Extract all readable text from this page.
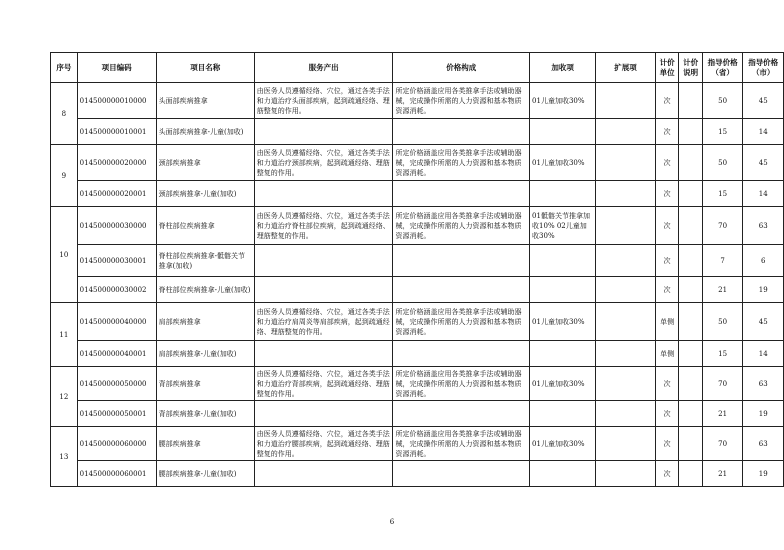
序号	项目编码	项目名称	服务产出	价格构成	加收项	扩展项	计价单位	计价说明	指导价格（省）	指导价格（市）
8	014500000010000	头面部疾病推拿	由医务人员遵循经络、穴位，通过各类手法和力道治疗头面部疾病，起到疏通经络、理筋整复的作用。	所定价格涵盖应用各类推拿手法或辅助器械，完成操作所需的人力资源和基本物质资源消耗。	01儿童加收30%		次		50	45
	014500000010001	头面部疾病推拿-儿童(加收)					次		15	14
9	014500000020000	颈部疾病推拿	由医务人员遵循经络、穴位，通过各类手法和力道治疗颈部疾病，起到疏通经络、理筋整复的作用。	所定价格涵盖应用各类推拿手法或辅助器械，完成操作所需的人力资源和基本物质资源消耗。	01儿童加收30%		次		50	45
	014500000020001	颈部疾病推拿-儿童(加收)					次		15	14
10	014500000030000	脊柱部位疾病推拿	由医务人员遵循经络、穴位，通过各类手法和力道治疗脊柱部位疾病，起到疏通经络、理筋整复的作用。	所定价格涵盖应用各类推拿手法或辅助器械，完成操作所需的人力资源和基本物质资源消耗。	01骶髂关节推拿加收10% 02儿童加收30%		次		70	63
	014500000030001	脊柱部位疾病推拿-骶髂关节推拿(加收)					次		7	6
	014500000030002	脊柱部位疾病推拿-儿童(加收)					次		21	19
11	014500000040000	肩部疾病推拿	由医务人员遵循经络、穴位，通过各类手法和力道治疗肩周炎等肩部疾病，起到疏通经络、理筋整复的作用。	所定价格涵盖应用各类推拿手法或辅助器械，完成操作所需的人力资源和基本物质资源消耗。	01儿童加收30%		单侧		50	45
	014500000040001	肩部疾病推拿-儿童(加收)					单侧		15	14
12	014500000050000	背部疾病推拿	由医务人员遵循经络、穴位，通过各类手法和力道治疗背部疾病，起到疏通经络、理筋整复的作用。	所定价格涵盖应用各类推拿手法或辅助器械，完成操作所需的人力资源和基本物质资源消耗。	01儿童加收30%		次		70	63
	014500000050001	背部疾病推拿-儿童(加收)					次		21	19
13	014500000060000	腰部疾病推拿	由医务人员遵循经络、穴位，通过各类手法和力道治疗腰部疾病，起到疏通经络、理筋整复的作用。	所定价格涵盖应用各类推拿手法或辅助器械，完成操作所需的人力资源和基本物质资源消耗。	01儿童加收30%		次		70	63
	014500000060001	腰部疾病推拿-儿童(加收)					次		21	19
6
